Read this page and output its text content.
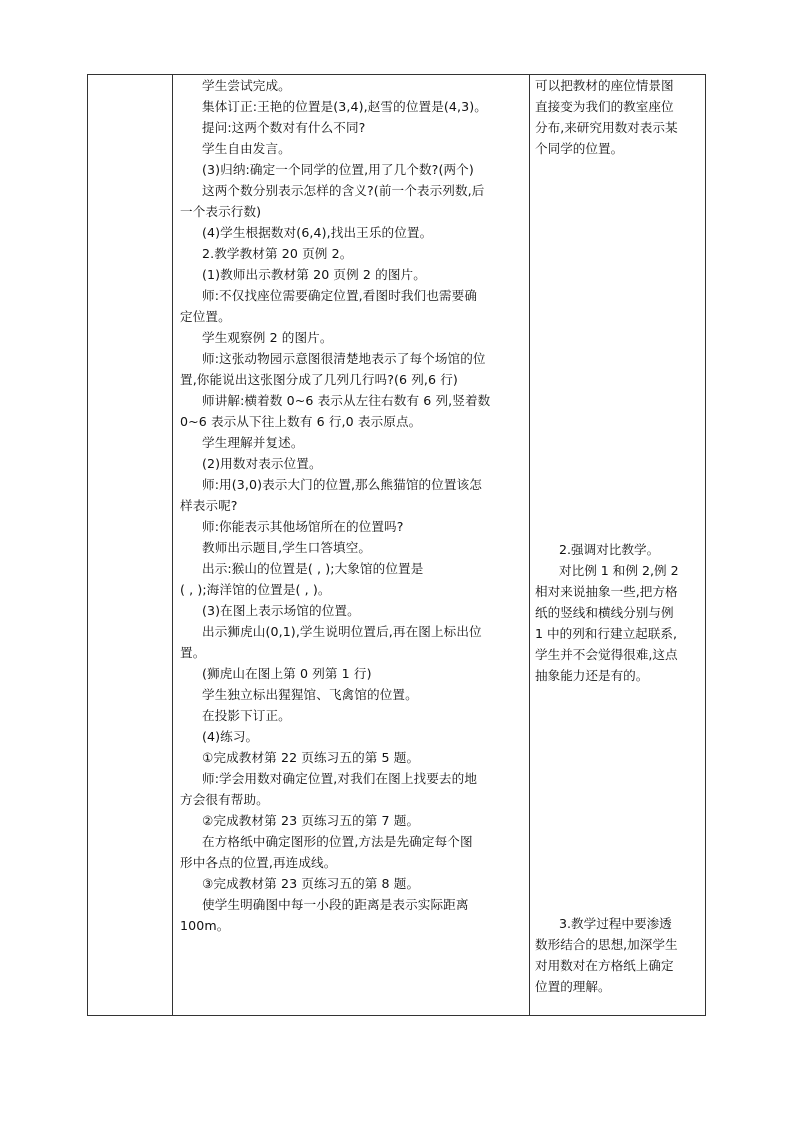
学生尝试完成。
集体订正:王艳的位置是(3,4),赵雪的位置是(4,3)。
提问:这两个数对有什么不同?
学生自由发言。
(3)归纳:确定一个同学的位置,用了几个数?(两个)
这两个数分别表示怎样的含义?(前一个表示列数,后
一个表示行数)
(4)学生根据数对(6,4),找出王乐的位置。
2.教学教材第 20 页例 2。
(1)教师出示教材第 20 页例 2 的图片。
师:不仅找座位需要确定位置,看图时我们也需要确
定位置。
学生观察例 2 的图片。
师:这张动物园示意图很清楚地表示了每个场馆的位
置,你能说出这张图分成了几列几行吗?(6 列,6 行)
师讲解:横着数 0~6 表示从左往右数有 6 列,竖着数
0~6 表示从下往上数有 6 行,0 表示原点。
学生理解并复述。
(2)用数对表示位置。
师:用(3,0)表示大门的位置,那么熊猫馆的位置该怎
样表示呢?
师:你能表示其他场馆所在的位置吗?
教师出示题目,学生口答填空。
出示:猴山的位置是( , );大象馆的位置是
( , );海洋馆的位置是( , )。
(3)在图上表示场馆的位置。
出示狮虎山(0,1),学生说明位置后,再在图上标出位
置。
(狮虎山在图上第 0 列第 1 行)
学生独立标出猩猩馆、飞禽馆的位置。
在投影下订正。
(4)练习。
①完成教材第 22 页练习五的第 5 题。
师:学会用数对确定位置,对我们在图上找要去的地
方会很有帮助。
②完成教材第 23 页练习五的第 7 题。
在方格纸中确定图形的位置,方法是先确定每个图
形中各点的位置,再连成线。
③完成教材第 23 页练习五的第 8 题。
使学生明确图中每一小段的距离是表示实际距离
100m。
可以把教材的座位情景图
直接变为我们的教室座位
分布,来研究用数对表示某
个同学的位置。
2.强调对比教学。
对比例 1 和例 2,例 2
相对来说抽象一些,把方格
纸的竖线和横线分别与例
1 中的列和行建立起联系,
学生并不会觉得很难,这点
抽象能力还是有的。
3.教学过程中要渗透
数形结合的思想,加深学生
对用数对在方格纸上确定
位置的理解。
